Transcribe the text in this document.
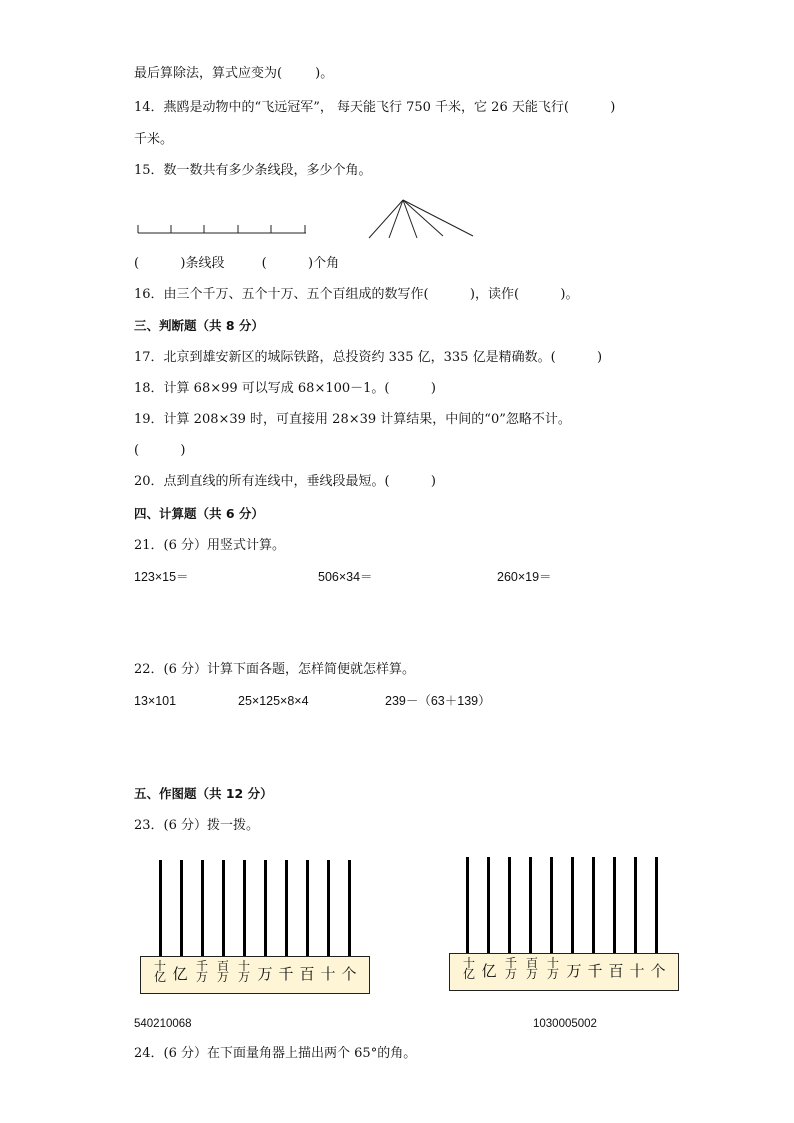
最后算除法，算式应变为(        )。
14．燕鸥是动物中的“飞远冠军”， 每天能飞行 750 千米，它 26 天能飞行(          )
千米。
15．数一数共有多少条线段，多少个角。
(          )条线段         (          )个角
16．由三个千万、五个十万、五个百组成的数写作(          )，读作(          )。
三、判断题（共 8 分）
17．北京到雄安新区的城际铁路，总投资约 335 亿，335 亿是精确数。(          )
18．计算 68×99 可以写成 68×100－1。(          )
19．计算 208×39 时，可直接用 28×39 计算结果，中间的“0”忽略不计。
(          )
20．点到直线的所有连线中，垂线段最短。(          )
四、计算题（共 6 分）
21．(6 分）用竖式计算。
123×15＝	506×34＝	260×19＝
22．(6 分）计算下面各题，怎样简便就怎样算。
13×101	25×125×8×4	239－（63＋139）
五、作图题（共 12 分）
23．(6 分）拨一拨。
十
亿 亿 千
万
百
万
十
万 万 千 百 十 个
十
亿 亿 千
万
百
万
十
万 万 千 百 十 个
540210068	1030005002
24．(6 分）在下面量角器上描出两个 65°的角。
